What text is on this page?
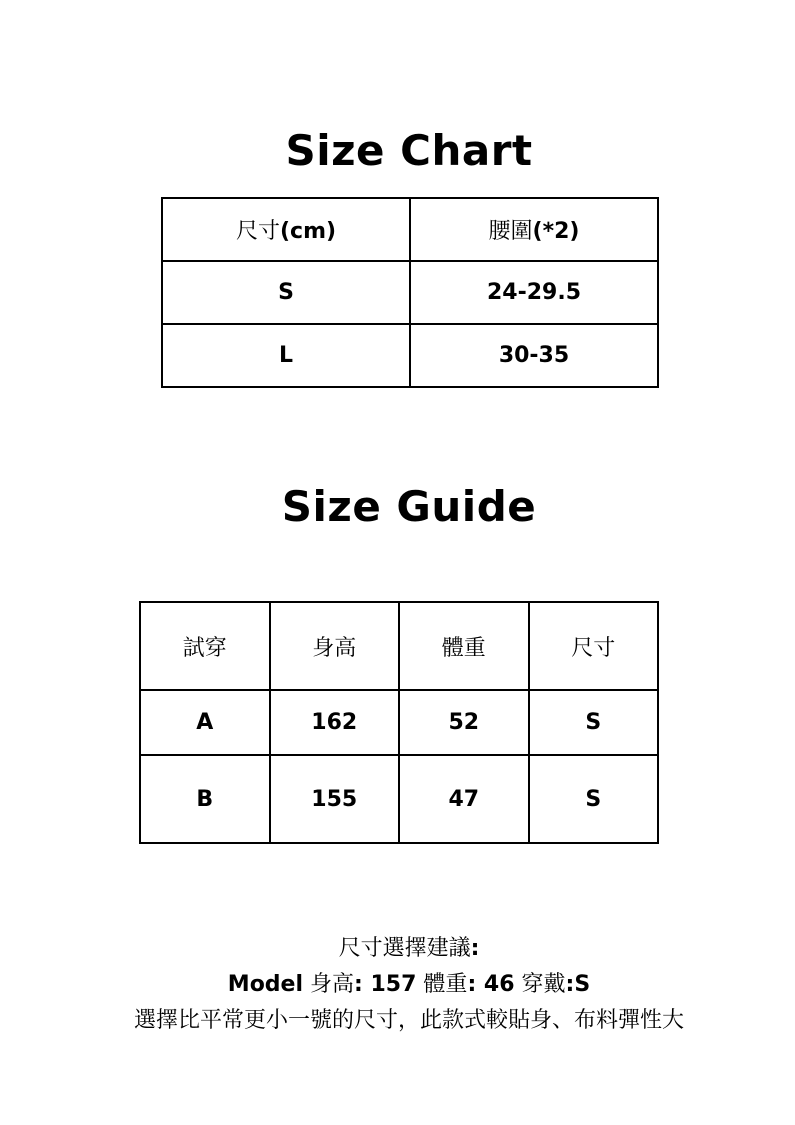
Size Chart
尺寸(cm)	腰圍(*2)
S	24-29.5
L	30-35
Size Guide
試穿	身高	體重	尺寸
A	162	52	S
B	155	47	S
尺寸選擇建議:
Model 身高: 157 體重: 46 穿戴:S
選擇比平常更小一號的尺寸，此款式較貼身、布料彈性大
